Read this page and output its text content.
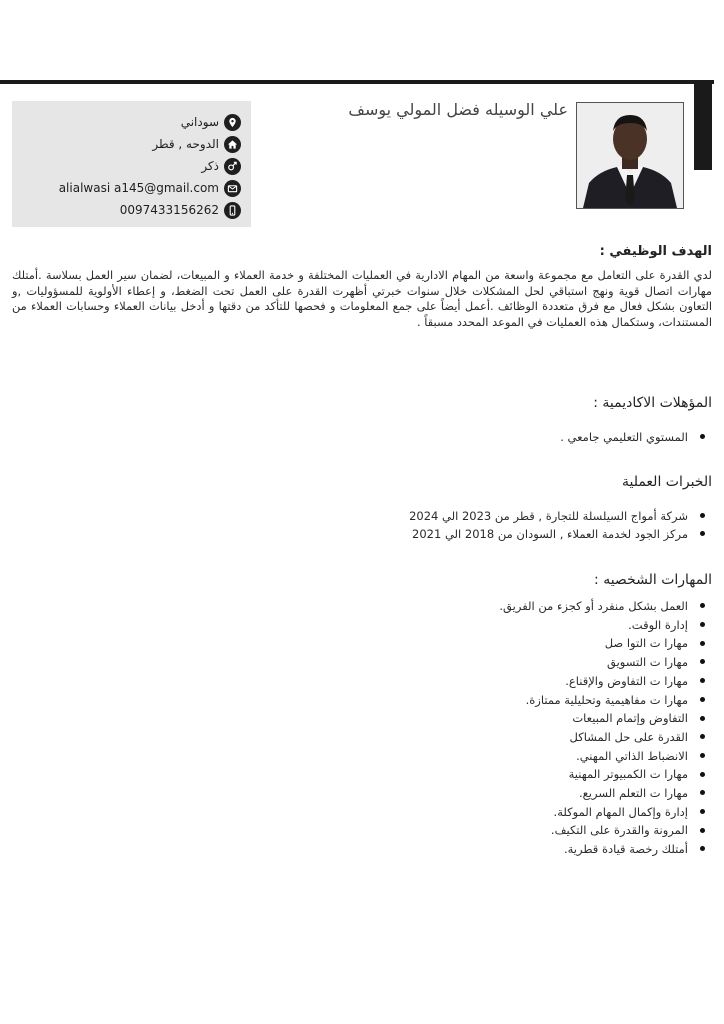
علي الوسيله فضل المولي يوسف
سوداني
الدوحه , قطر
ذكر
alialwasi a145@gmail.com
0097433156262
الهدف الوظيفي :
لدي القدرة على التعامل مع مجموعة واسعة من المهام الادارية في العمليات المختلفة و خدمة العملاء و المبيعات، لضمان سير العمل بسلاسة .أمتلك مهارات اتصال قوية ونهج استباقي لحل المشكلات خلال سنوات خبرتي أظهرت القدرة على العمل تحت الضغط، و إعطاء الأولوية للمسؤوليات ,و التعاون بشكل فعال مع فرق متعددة الوظائف .أعمل أيضاً على جمع المعلومات و فحصها للتأكد من دقتها و أدخل بيانات العملاء وحسابات العملاء من المستندات، وستكمال هذه العمليات في الموعد المحدد مسبقاً .
المؤهلات الاكاديمية :
المستوي التعليمي جامعي .
الخبرات العملية
شركة أمواج السيلسلة للتجارة , قطر من 2023 الي 2024
مركز الجود لخدمة العملاء , السودان من 2018 الي 2021
المهارات الشخصيه :
العمل بشكل منفرد أو كجزء من الفريق.
إدارة الوقت.
مهارا ت التوا صل
مهارا ت التسويق
مهارا ت التفاوض والإقناع.
مهارا ت مفاهيمية وتحليلية ممتازة.
التفاوض وإتمام المبيعات
القدرة على حل المشاكل
الانضباط الذاتي المهني.
مهارا ت الكمبيوتر المهنية
مهارا ت التعلم السريع.
إدارة وإكمال المهام الموكلة.
المرونة والقدرة على التكيف.
أمتلك رخصة قيادة قطرية.
